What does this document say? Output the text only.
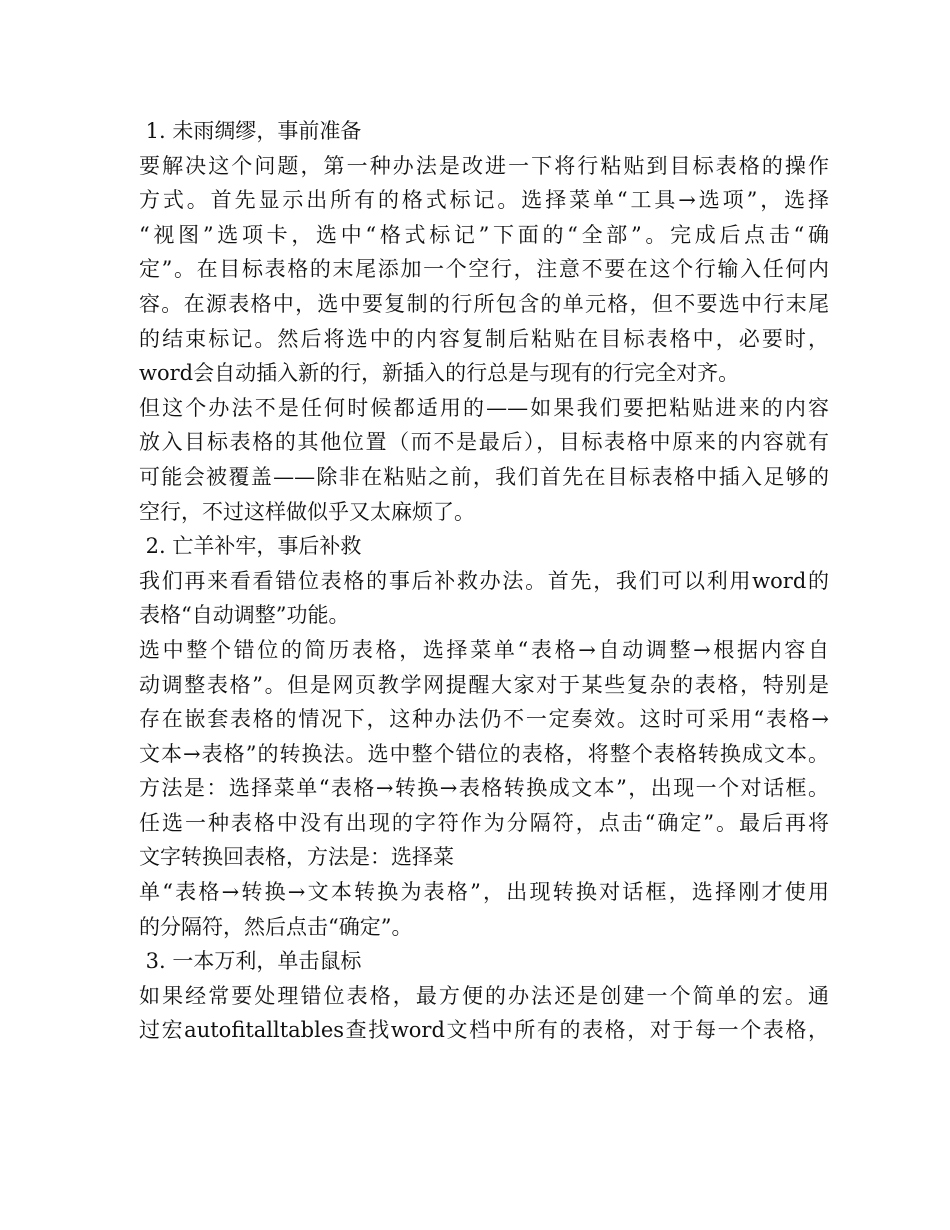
1. 未雨绸缪，事前准备
要解决这个问题，第一种办法是改进一下将行粘贴到目标表格的操作
方式。首先显示出所有的格式标记。选择菜单“工具→选项”，选择
“视图”选项卡，选中“格式标记”下面的“全部”。完成后点击“确
定”。在目标表格的末尾添加一个空行，注意不要在这个行输入任何内
容。在源表格中，选中要复制的行所包含的单元格，但不要选中行末尾
的结束标记。然后将选中的内容复制后粘贴在目标表格中，必要时，
word会自动插入新的行，新插入的行总是与现有的行完全对齐。
但这个办法不是任何时候都适用的——如果我们要把粘贴进来的内容
放入目标表格的其他位置（而不是最后），目标表格中原来的内容就有
可能会被覆盖——除非在粘贴之前，我们首先在目标表格中插入足够的
空行，不过这样做似乎又太麻烦了。
2. 亡羊补牢，事后补救
我们再来看看错位表格的事后补救办法。首先，我们可以利用word的
表格“自动调整”功能。
选中整个错位的简历表格，选择菜单“表格→自动调整→根据内容自
动调整表格”。但是网页教学网提醒大家对于某些复杂的表格，特别是
存在嵌套表格的情况下，这种办法仍不一定奏效。这时可采用“表格→
文本→表格”的转换法。选中整个错位的表格，将整个表格转换成文本。
方法是：选择菜单“表格→转换→表格转换成文本”，出现一个对话框。
任选一种表格中没有出现的字符作为分隔符，点击“确定”。最后再将
文字转换回表格，方法是：选择菜
单“表格→转换→文本转换为表格”，出现转换对话框，选择刚才使用
的分隔符，然后点击“确定”。
3. 一本万利，单击鼠标
如果经常要处理错位表格，最方便的办法还是创建一个简单的宏。通
过宏autofitalltables查找word文档中所有的表格，对于每一个表格，
